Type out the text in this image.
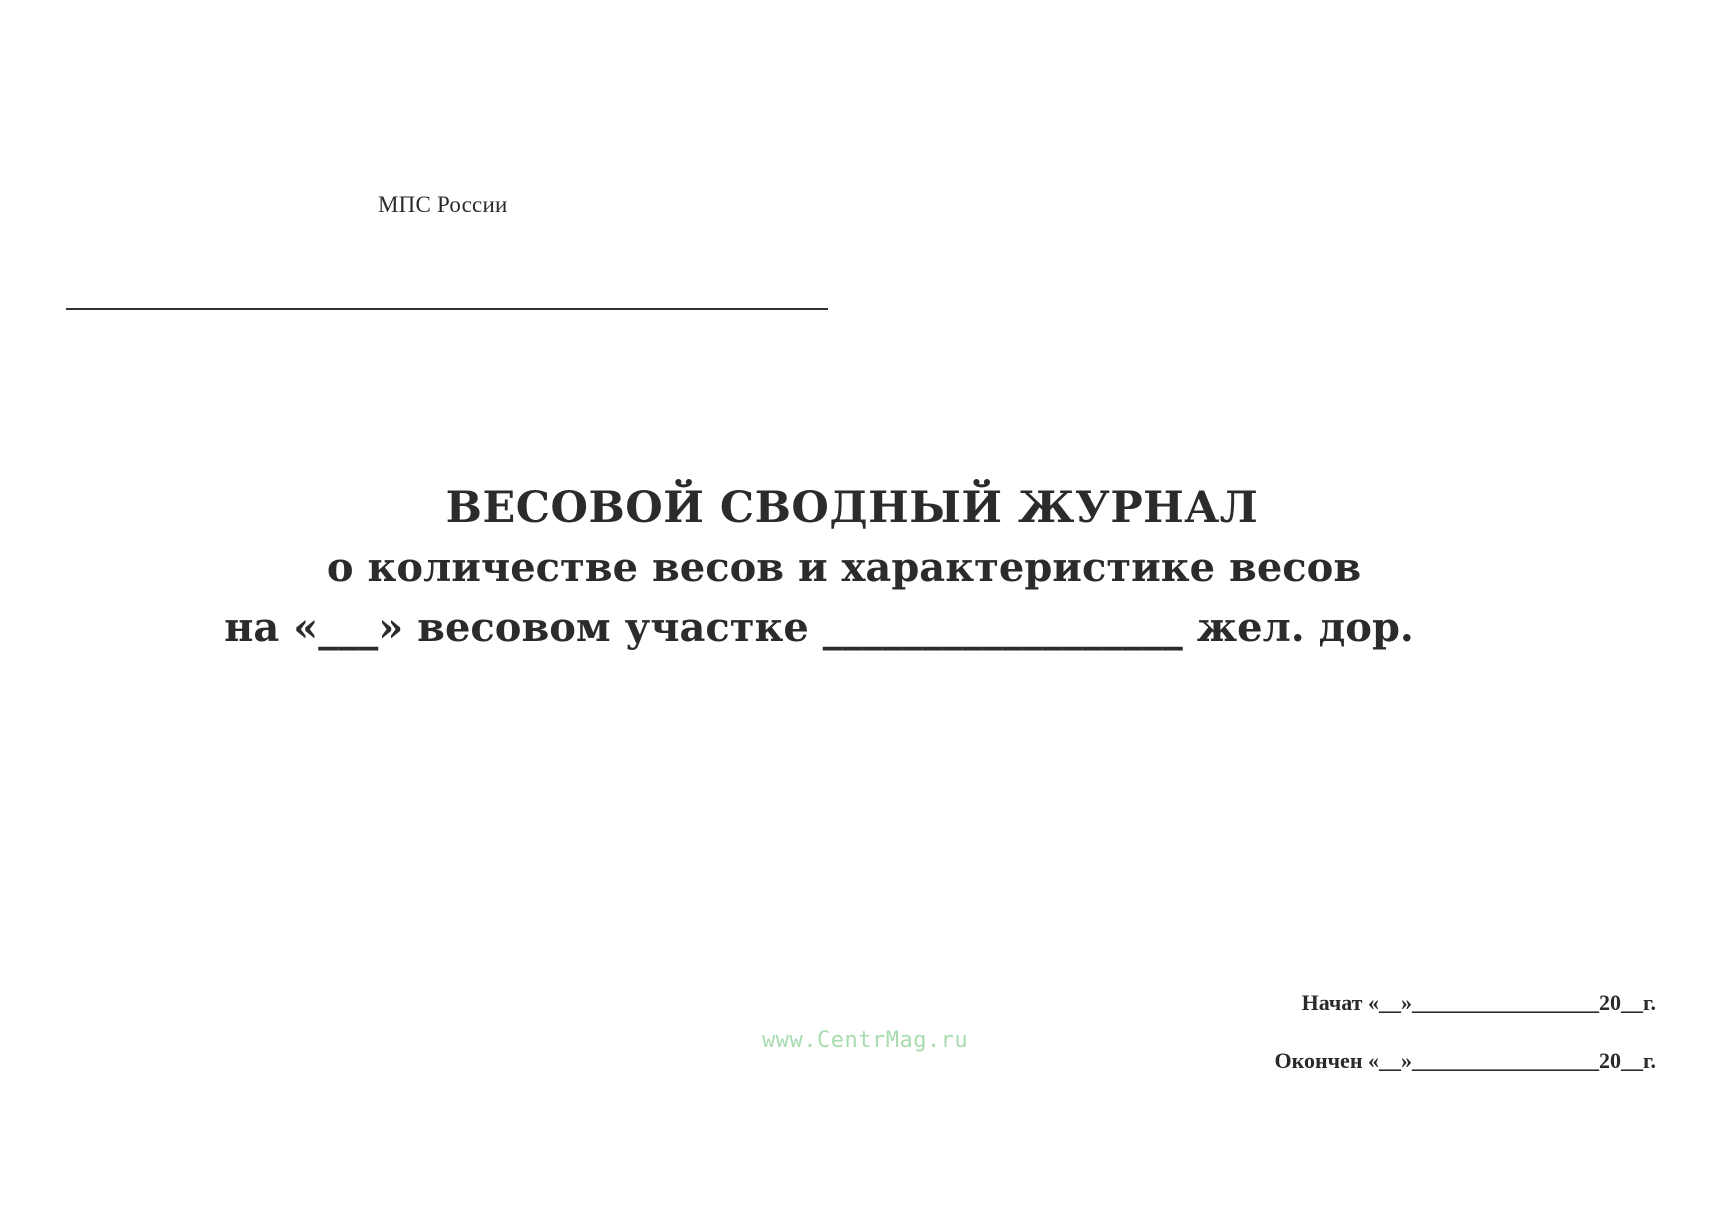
МПС России
ВЕСОВОЙ СВОДНЫЙ ЖУРНАЛ
о количестве весов и характеристике весов
на «___» весовом участке __________________ жел. дор.
www.CentrMag.ru
Начат «__»_________________20__г.
Окончен «__»_________________20__г.
